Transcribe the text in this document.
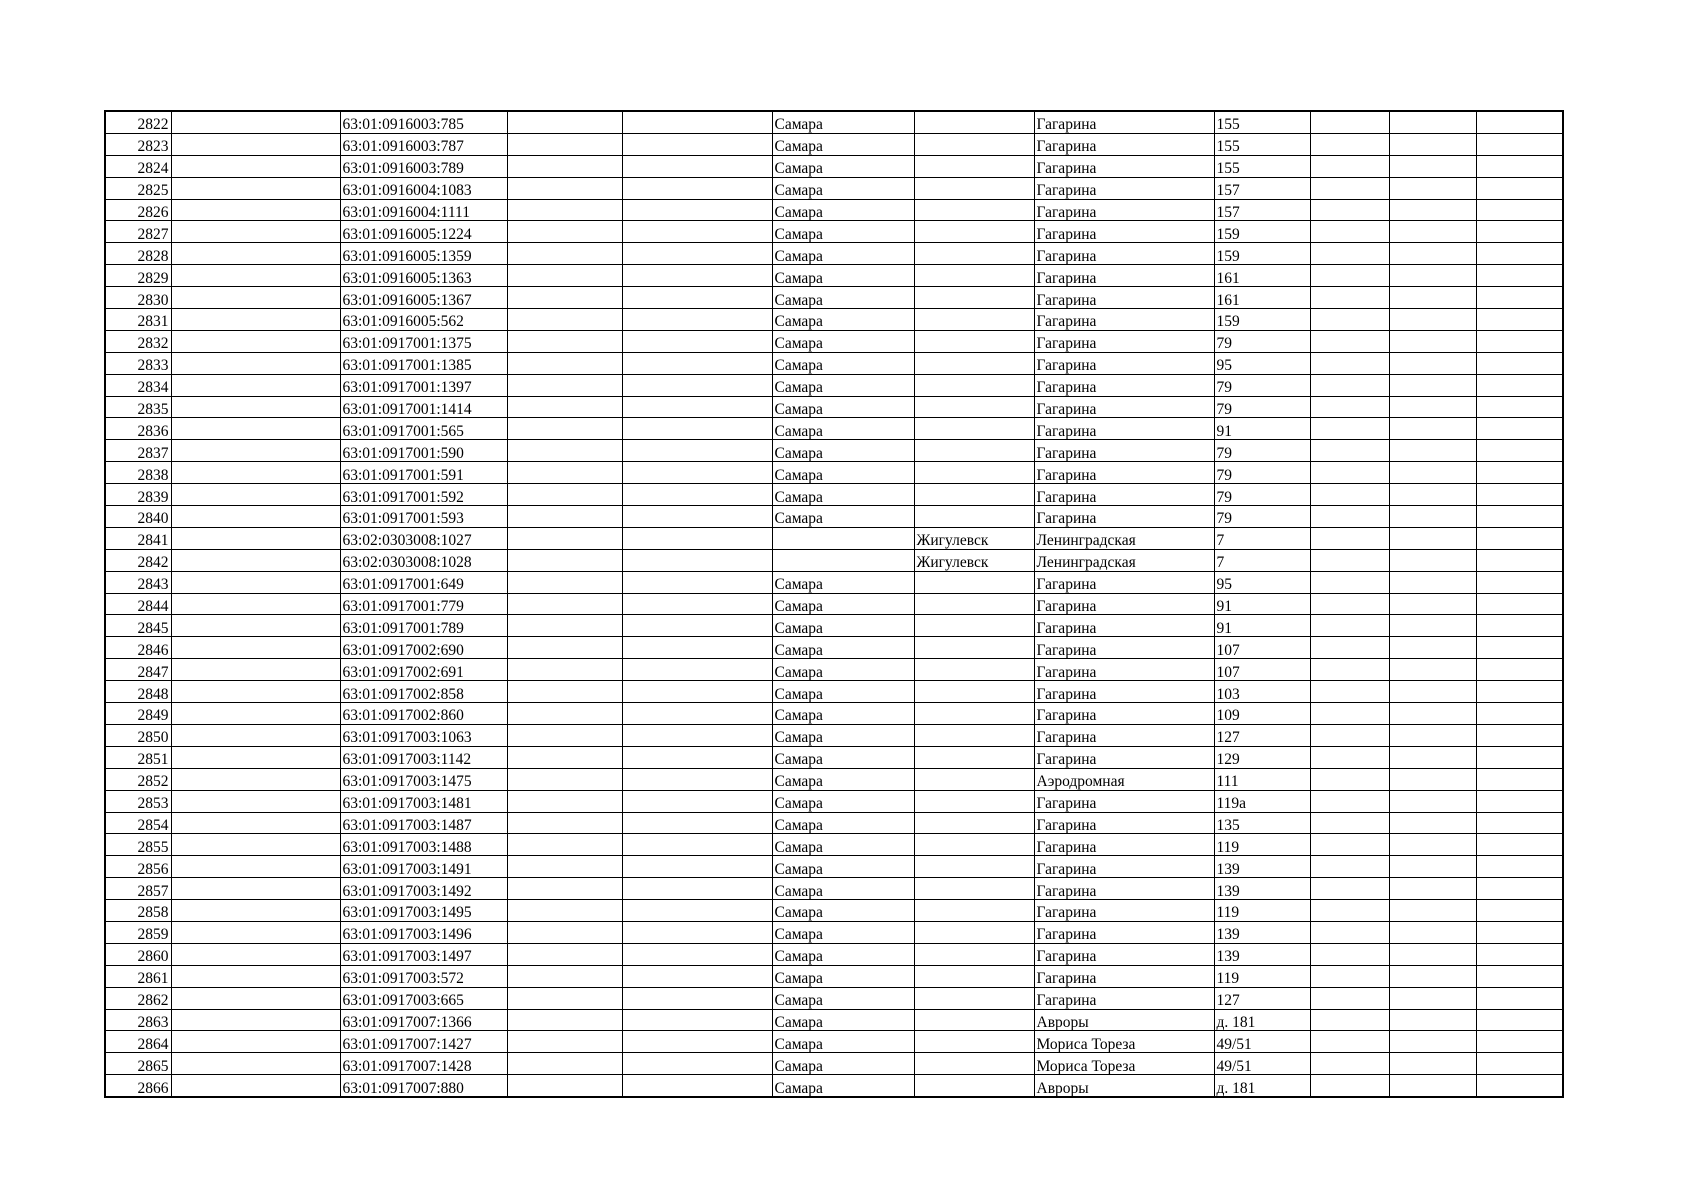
2822		63:01:0916003:785			Самара		Гагарина	155			
2823		63:01:0916003:787			Самара		Гагарина	155			
2824		63:01:0916003:789			Самара		Гагарина	155			
2825		63:01:0916004:1083			Самара		Гагарина	157			
2826		63:01:0916004:1111			Самара		Гагарина	157			
2827		63:01:0916005:1224			Самара		Гагарина	159			
2828		63:01:0916005:1359			Самара		Гагарина	159			
2829		63:01:0916005:1363			Самара		Гагарина	161			
2830		63:01:0916005:1367			Самара		Гагарина	161			
2831		63:01:0916005:562			Самара		Гагарина	159			
2832		63:01:0917001:1375			Самара		Гагарина	79			
2833		63:01:0917001:1385			Самара		Гагарина	95			
2834		63:01:0917001:1397			Самара		Гагарина	79			
2835		63:01:0917001:1414			Самара		Гагарина	79			
2836		63:01:0917001:565			Самара		Гагарина	91			
2837		63:01:0917001:590			Самара		Гагарина	79			
2838		63:01:0917001:591			Самара		Гагарина	79			
2839		63:01:0917001:592			Самара		Гагарина	79			
2840		63:01:0917001:593			Самара		Гагарина	79			
2841		63:02:0303008:1027				Жигулевск	Ленинградская	7			
2842		63:02:0303008:1028				Жигулевск	Ленинградская	7			
2843		63:01:0917001:649			Самара		Гагарина	95			
2844		63:01:0917001:779			Самара		Гагарина	91			
2845		63:01:0917001:789			Самара		Гагарина	91			
2846		63:01:0917002:690			Самара		Гагарина	107			
2847		63:01:0917002:691			Самара		Гагарина	107			
2848		63:01:0917002:858			Самара		Гагарина	103			
2849		63:01:0917002:860			Самара		Гагарина	109			
2850		63:01:0917003:1063			Самара		Гагарина	127			
2851		63:01:0917003:1142			Самара		Гагарина	129			
2852		63:01:0917003:1475			Самара		Аэродромная	111			
2853		63:01:0917003:1481			Самара		Гагарина	119а			
2854		63:01:0917003:1487			Самара		Гагарина	135			
2855		63:01:0917003:1488			Самара		Гагарина	119			
2856		63:01:0917003:1491			Самара		Гагарина	139			
2857		63:01:0917003:1492			Самара		Гагарина	139			
2858		63:01:0917003:1495			Самара		Гагарина	119			
2859		63:01:0917003:1496			Самара		Гагарина	139			
2860		63:01:0917003:1497			Самара		Гагарина	139			
2861		63:01:0917003:572			Самара		Гагарина	119			
2862		63:01:0917003:665			Самара		Гагарина	127			
2863		63:01:0917007:1366			Самара		Авроры	д. 181			
2864		63:01:0917007:1427			Самара		Мориса Тореза	49/51			
2865		63:01:0917007:1428			Самара		Мориса Тореза	49/51			
2866		63:01:0917007:880			Самара		Авроры	д. 181			
